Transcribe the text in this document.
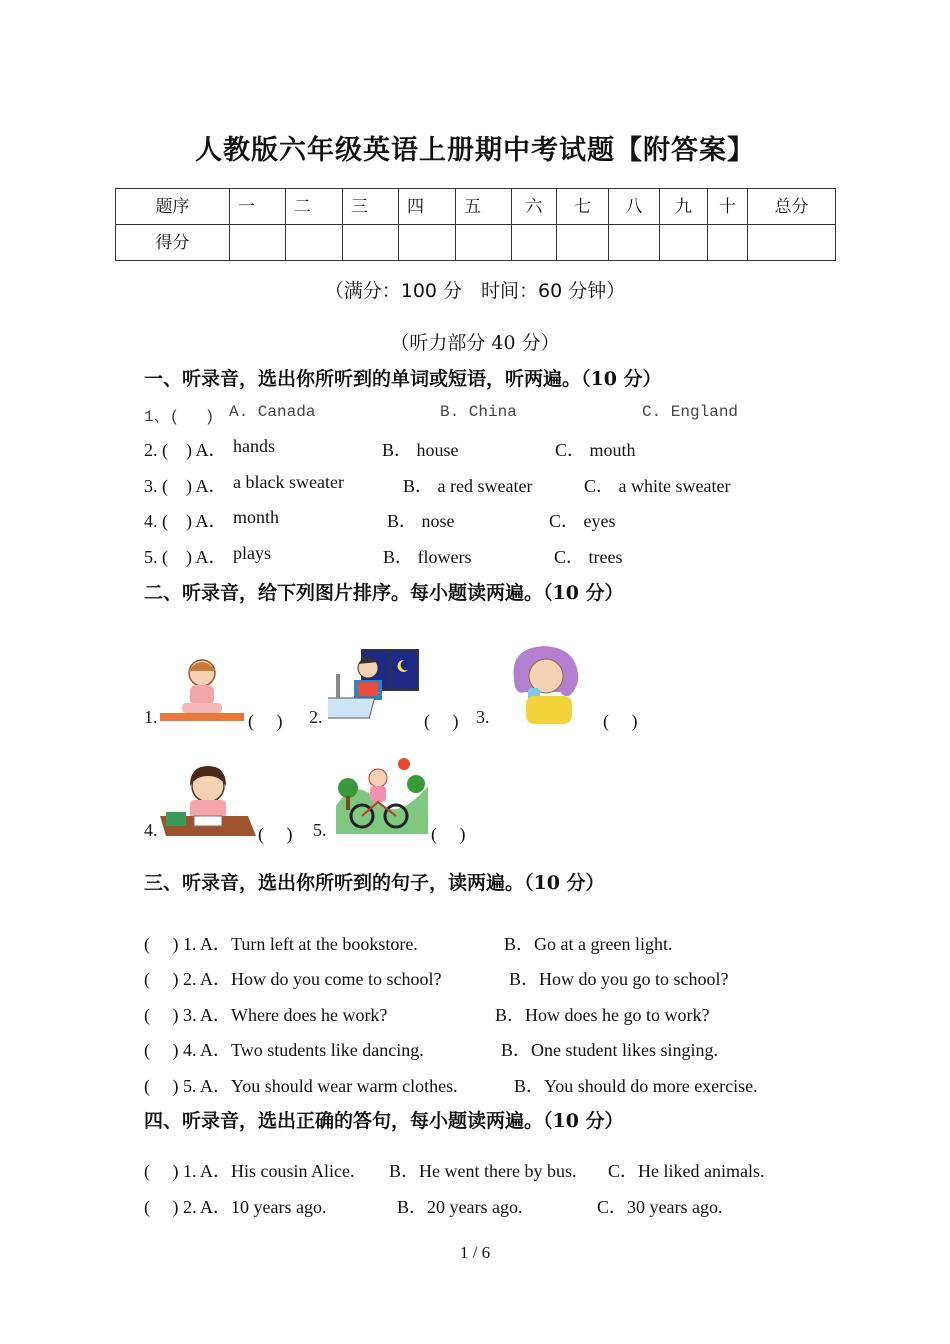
人教版六年级英语上册期中考试题【附答案】
题序	一	二	三	四	五	六	七	八	九	十	总分
得分											
（满分：100 分　时间：60 分钟）
（听力部分 40 分）
一、听录音，选出你所听到的单词或短语，听两遍。（10 分）
1、(　 ) A. Canada	B. China	C. England
2. (　) A． hands	B． house	C． mouth
3. (　) A． a black sweater	B． a red sweater	C． a white sweater
4. (　) A． month	B． nose	C． eyes
5. (　) A． plays	B． flowers	C． trees
二、听录音，给下列图片排序。每小题读两遍。（10 分）
1.	(　 ) 2.	(　 ) 3.	(　 )
4.	(　 ) 5.	(　 )
三、听录音，选出你所听到的句子，读两遍。（10 分）
(　 ) 1. A．Turn left at the bookstore.	B．Go at a green light.
(　 ) 2. A．How do you come to school?	B．How do you go to school?
(　 ) 3. A．Where does he work?	B．How does he go to work?
(　 ) 4. A．Two students like dancing.	B．One student likes singing.
(　 ) 5. A．You should wear warm clothes.	B．You should do more exercise.
四、听录音，选出正确的答句，每小题读两遍。（10 分）
(　 ) 1. A．His cousin Alice. B．He went there by bus. C．He liked animals.
(　 ) 2. A．10 years ago.	B．20 years ago.	C．30 years ago.
1 / 6
